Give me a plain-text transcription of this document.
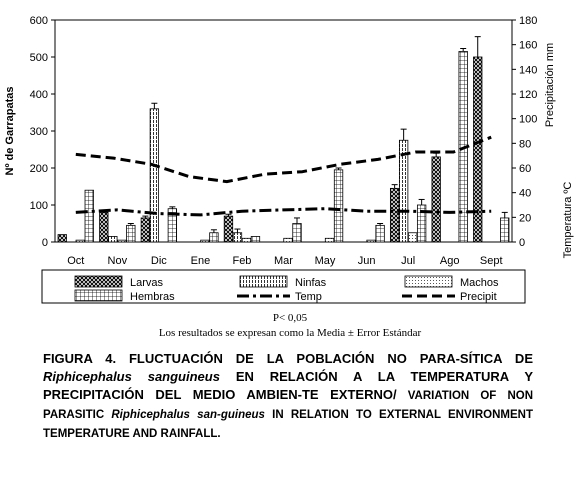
0
100
200
300
400
500
600
0
20
40
60
80
100
120
140
160
180
Nº de Garrapatas
Precipitación mm
Temperatura ºC
Oct Nov Dic Ene Feb Mar May Jun Jul Ago Sept
Larvas	Ninfas	Machos
Hembras	Temp	Precipit
P< 0,05
Los resultados se expresan como la Media ± Error Estándar
FIGURA 4. FLUCTUACIÓN DE LA POBLACIÓN NO PARA-SÍTICA DE Riphicephalus sanguineus EN RELACIÓN A LA TEMPERATURA Y PRECIPITACIÓN DEL MEDIO AMBIEN-TE EXTERNO/ VARIATION OF NON PARASITIC Riphicephalus san-guineus IN RELATION TO EXTERNAL ENVIRONMENT TEMPERATURE AND RAINFALL.
